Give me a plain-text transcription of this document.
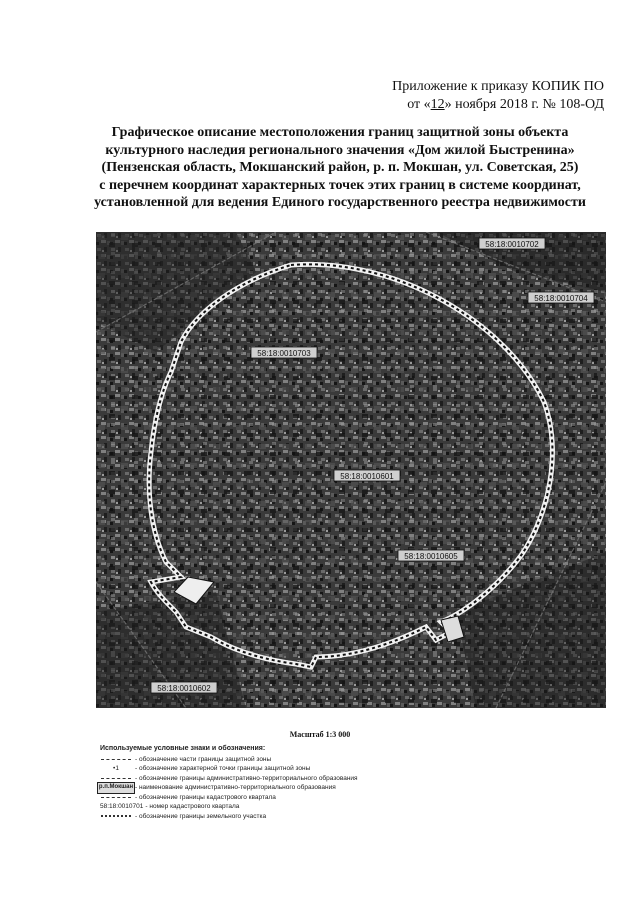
Приложение к приказу КОПИК ПО
от «12» ноября 2018 г. № 108-ОД
Графическое описание местоположения границ защитной зоны объекта
культурного наследия регионального значения «Дом жилой Быстренина»
(Пензенская область, Мокшанский район, р. п. Мокшан, ул. Советская, 25)
с перечнем координат характерных точек этих границ в системе координат,
установленной для ведения Единого государственного реестра недвижимости
58:18:0010702
58:18:0010704
58:18:0010703
58:18:0010601
58:18:0010605
58:18:0010602
Масштаб 1:3 000
Используемые условные знаки и обозначения:
- обозначение части границы защитной зоны
•1	- обозначение характерной точки границы защитной зоны
- обозначение границы административно-территориального образования
р.п.Мокшан - наименование административно-территориального образования
- обозначение границы кадастрового квартала
58:18:0010701 - номер кадастрового квартала
- обозначение границы земельного участка
